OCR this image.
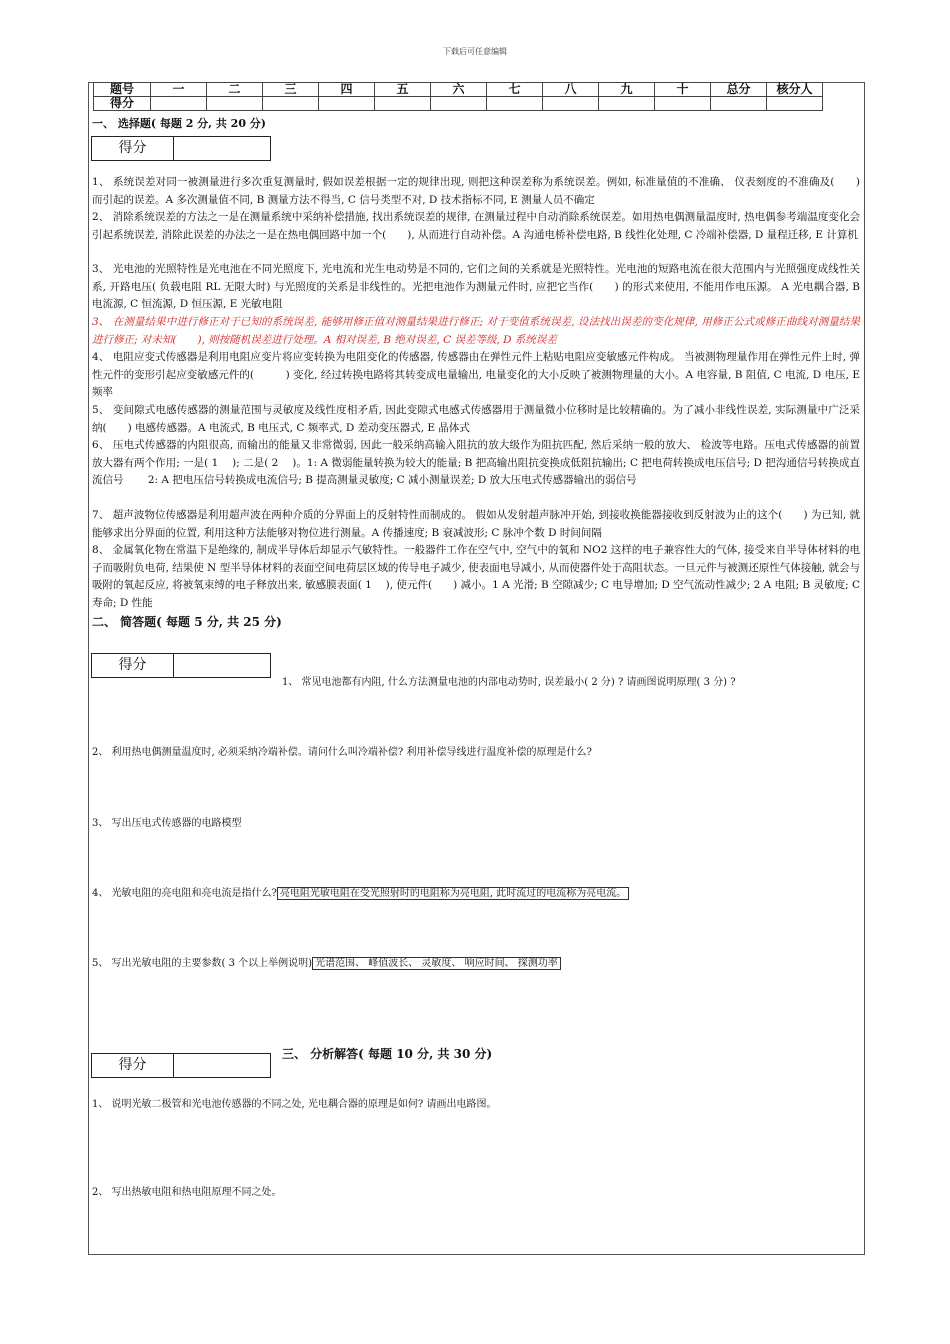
下载后可任意编辑
题号	一	二	三	四	五	六	七	八	九	十	总分	核分人
得分												
一、 选择题( 每题 2 分, 共 20 分)
得分
1、 系统误差对同一被测量进行多次重复测量时, 假如误差根据一定的规律出现, 则把这种误差称为系统误差。例如, 标准量值的不准确、 仪表刻度的不准确及(　　) 而引起的误差。A 多次测量值不同, B 测量方法不得当, C 信号类型不对, D 技术指标不同, E 测量人员不确定
2、 消除系统误差的方法之一是在测量系统中采纳补偿措施, 找出系统误差的规律, 在测量过程中自动消除系统误差。如用热电偶测量温度时, 热电偶参考端温度变化会引起系统误差, 消除此误差的办法之一是在热电偶回路中加一个(　　), 从而进行自动补偿。A 沟通电桥补偿电路, B 线性化处理, C 冷端补偿器, D 量程迁移, E 计算机
3、 光电池的光照特性是光电池在不同光照度下, 光电流和光生电动势是不同的, 它们之间的关系就是光照特性。光电池的短路电流在很大范围内与光照强度成线性关系, 开路电压( 负载电阻 RL 无限大时) 与光照度的关系是非线性的。光把电池作为测量元件时, 应把它当作(　　) 的形式来使用, 不能用作电压源。 A 光电耦合器, B 电流源, C 恒流源, D 恒压源, E 光敏电阻
3、 在测量结果中进行修正对于已知的系统误差, 能够用修正值对测量结果进行修正; 对于变值系统误差, 设法找出误差的变化规律, 用修正公式或修正曲线对测量结果进行修正; 对未知(　　), 则按随机误差进行处理。A 相对误差, B 绝对误差, C 误差等级, D 系统误差
4、 电阻应变式传感器是利用电阻应变片将应变转换为电阻变化的传感器, 传感器由在弹性元件上粘贴电阻应变敏感元件构成。 当被测物理量作用在弹性元件上时, 弹性元件的变形引起应变敏感元件的(　　　) 变化, 经过转换电路将其转变成电量输出, 电量变化的大小反映了被测物理量的大小。A 电容量, B 阻值, C 电流, D 电压, E 频率
5、 变间隙式电感传感器的测量范围与灵敏度及线性度相矛盾, 因此变隙式电感式传感器用于测量微小位移时是比较精确的。为了减小非线性误差, 实际测量中广泛采纳(　　) 电感传感器。A 电流式, B 电压式, C 频率式, D 差动变压器式, E 晶体式
6、 压电式传感器的内阻很高, 而输出的能量又非常微弱, 因此一般采纳高输入阻抗的放大级作为阻抗匹配, 然后采纳一般的放大、 检波等电路。压电式传感器的前置放大器有两个作用; 一是( 1 　); 二是( 2 　)。1: A 微弱能量转换为较大的能量; B 把高输出阻抗变换成低阻抗输出; C 把电荷转换成电压信号; D 把沟通信号转换成直流信号　　 2: A 把电压信号转换成电流信号; B 提高测量灵敏度; C 减小测量误差; D 放大压电式传感器输出的弱信号
7、 超声波物位传感器是利用超声波在两种介质的分界面上的反射特性而制成的。 假如从发射超声脉冲开始, 到接收换能器接收到反射波为止的这个(　　) 为已知, 就能够求出分界面的位置, 利用这种方法能够对物位进行测量。A 传播速度; B 衰减波形; C 脉冲个数 D 时间间隔
8、 金属氧化物在常温下是绝缘的, 制成半导体后却显示气敏特性。一般器件工作在空气中, 空气中的氧和 NO2 这样的电子兼容性大的气体, 接受来自半导体材料的电子而吸附负电荷, 结果使 N 型半导体材料的表面空间电荷层区域的传导电子减少, 使表面电导减小, 从而使器件处于高阻状态。一旦元件与被测还原性气体接触, 就会与吸附的氧起反应, 将被氧束缚的电子释放出来, 敏感膜表面( 1 　), 使元件(　　) 减小。1 A 光滑; B 空隙减少; C 电导增加; D 空气流动性减少; 2 A 电阻; B 灵敏度; C 寿命; D 性能
二、 简答题( 每题 5 分, 共 25 分)
得分
1、 常见电池都有内阻, 什么方法测量电池的内部电动势时, 误差最小( 2 分) ? 请画图说明原理( 3 分) ?
2、 利用热电偶测量温度时, 必须采纳冷端补偿。请问什么叫冷端补偿? 利用补偿导线进行温度补偿的原理是什么?
3、 写出压电式传感器的电路模型
4、 光敏电阻的亮电阻和亮电流是指什么? 亮电阻光敏电阻在受光照射时的电阻称为亮电阻, 此时流过的电流称为亮电流。
5、 写出光敏电阻的主要参数( 3 个以上举例说明) 光谱范围、 峰值波长、 灵敏度、 响应时间、 探测功率
三、 分析解答( 每题 10 分, 共 30 分)
得分
1、 说明光敏二极管和光电池传感器的不同之处, 光电耦合器的原理是如何? 请画出电路图。
2、 写出热敏电阻和热电阻原理不同之处。
